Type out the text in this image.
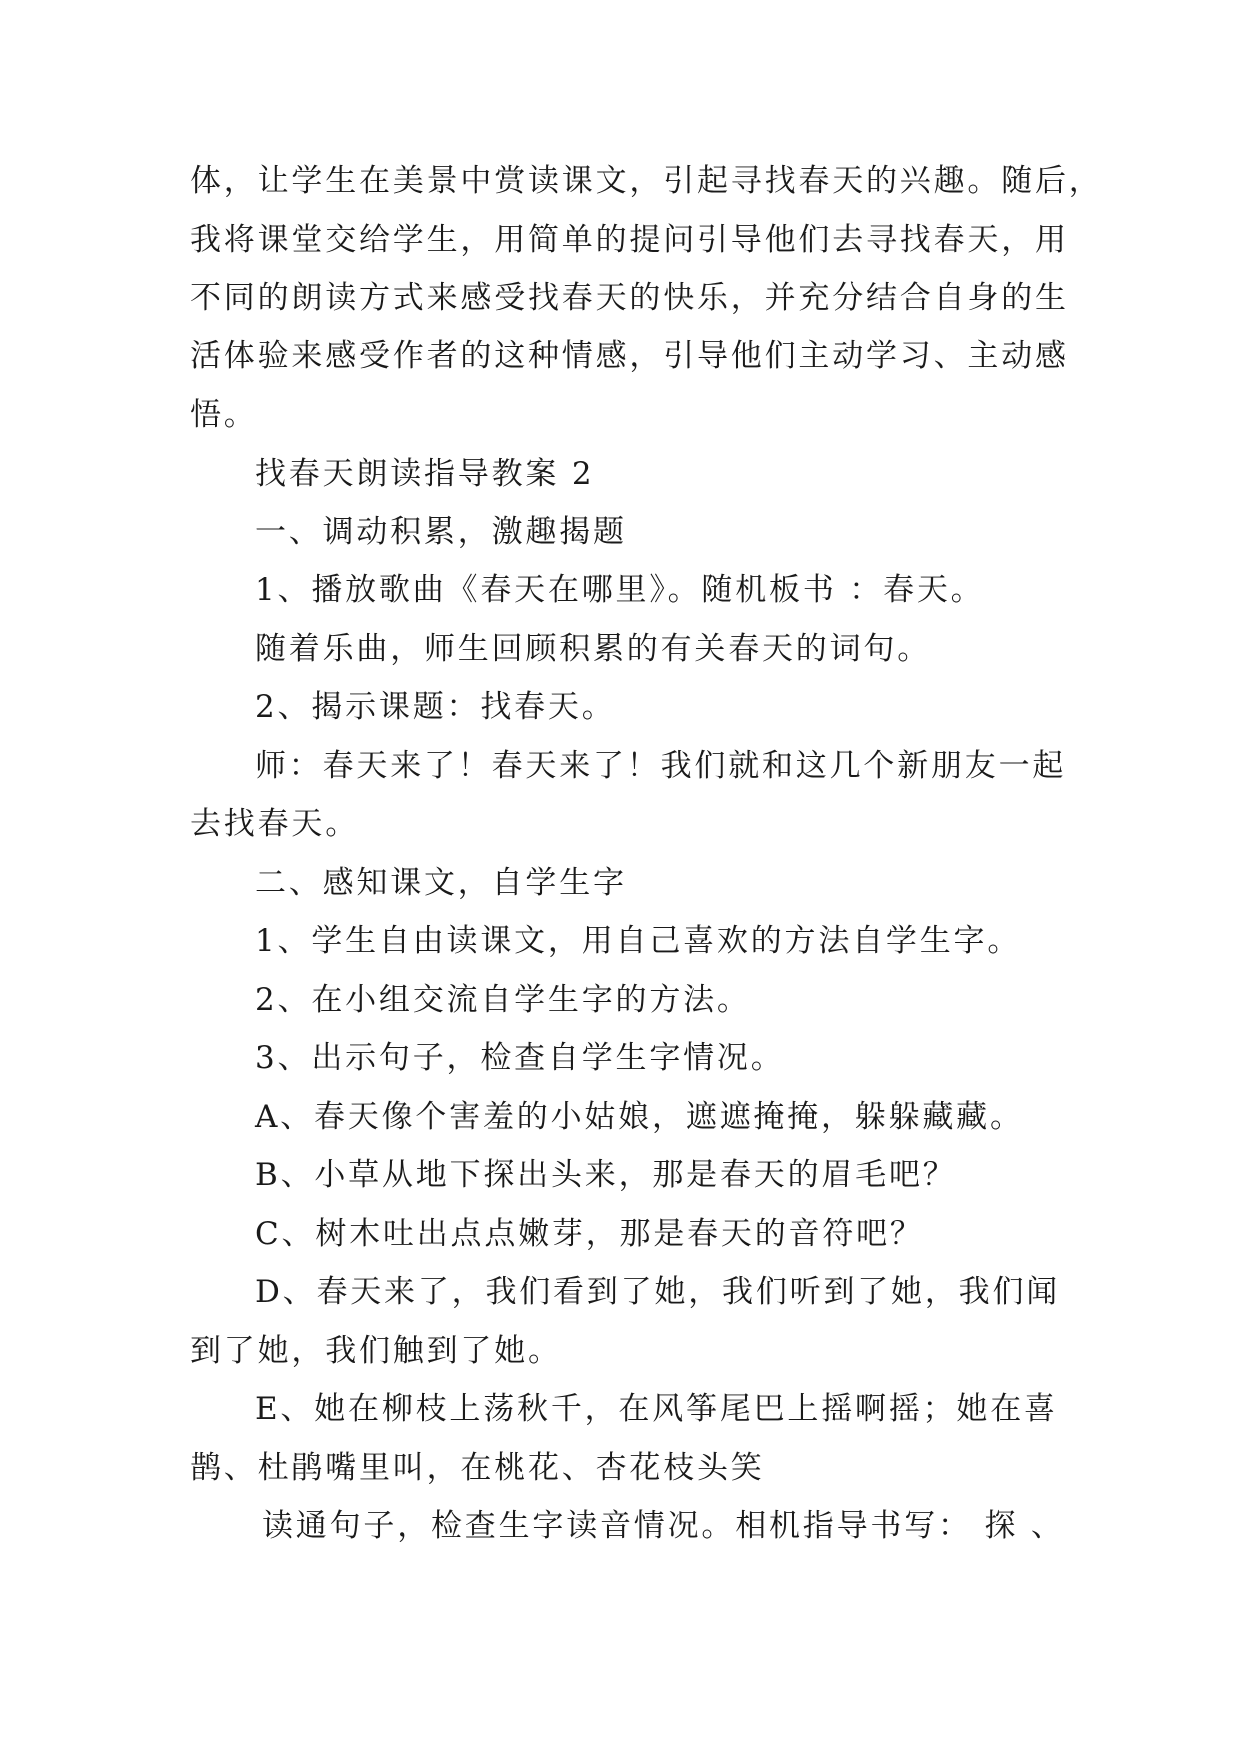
体，让学生在美景中赏读课文，引起寻找春天的兴趣。随后，
我将课堂交给学生，用简单的提问引导他们去寻找春天，用
不同的朗读方式来感受找春天的快乐，并充分结合自身的生
活体验来感受作者的这种情感，引导他们主动学习、主动感
悟。
找春天朗读指导教案 2
一、调动积累，激趣揭题
1、播放歌曲《春天在哪里》。随机板书 ：春天。
随着乐曲，师生回顾积累的有关春天的词句。
2、揭示课题：找春天。
师：春天来了！春天来了！我们就和这几个新朋友一起
去找春天。
二、感知课文，自学生字
1、学生自由读课文，用自己喜欢的方法自学生字。
2、在小组交流自学生字的方法。
3、出示句子，检查自学生字情况。
A、春天像个害羞的小姑娘，遮遮掩掩，躲躲藏藏。
B、小草从地下探出头来，那是春天的眉毛吧？
C、树木吐出点点嫩芽，那是春天的音符吧？
D、春天来了，我们看到了她，我们听到了她，我们闻
到了她，我们触到了她。
E、她在柳枝上荡秋千，在风筝尾巴上摇啊摇；她在喜
鹊、杜鹃嘴里叫，在桃花、杏花枝头笑
读通句子，检查生字读音情况。相机指导书写： 探 、
